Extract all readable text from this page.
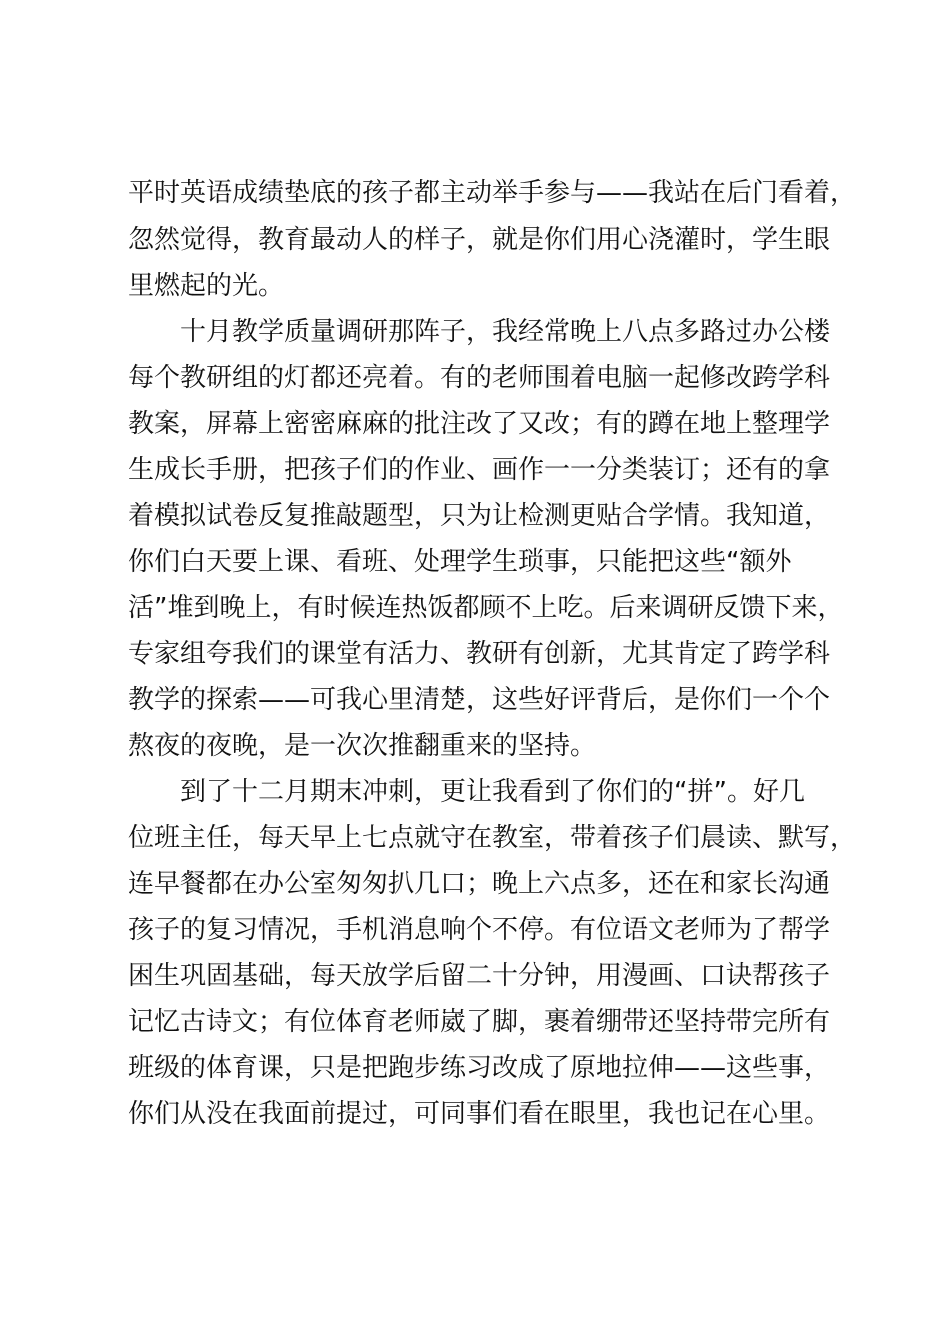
平时英语成绩垫底的孩子都主动举手参与——我站在后门看着，

忽然觉得，教育最动人的样子，就是你们用心浇灌时，学生眼

里燃起的光。

　　十月教学质量调研那阵子，我经常晚上八点多路过办公楼

每个教研组的灯都还亮着。有的老师围着电脑一起修改跨学科

教案，屏幕上密密麻麻的批注改了又改；有的蹲在地上整理学

生成长手册，把孩子们的作业、画作一一分类装订；还有的拿

着模拟试卷反复推敲题型，只为让检测更贴合学情。我知道，

你们白天要上课、看班、处理学生琐事，只能把这些“额外

活”堆到晚上，有时候连热饭都顾不上吃。后来调研反馈下来，

专家组夸我们的课堂有活力、教研有创新，尤其肯定了跨学科

教学的探索——可我心里清楚，这些好评背后，是你们一个个

熬夜的夜晚，是一次次推翻重来的坚持。

　　到了十二月期末冲刺，更让我看到了你们的“拼”。好几

位班主任，每天早上七点就守在教室，带着孩子们晨读、默写，

连早餐都在办公室匆匆扒几口；晚上六点多，还在和家长沟通

孩子的复习情况，手机消息响个不停。有位语文老师为了帮学

困生巩固基础，每天放学后留二十分钟，用漫画、口诀帮孩子

记忆古诗文；有位体育老师崴了脚，裹着绷带还坚持带完所有

班级的体育课，只是把跑步练习改成了原地拉伸——这些事，

你们从没在我面前提过，可同事们看在眼里，我也记在心里。
